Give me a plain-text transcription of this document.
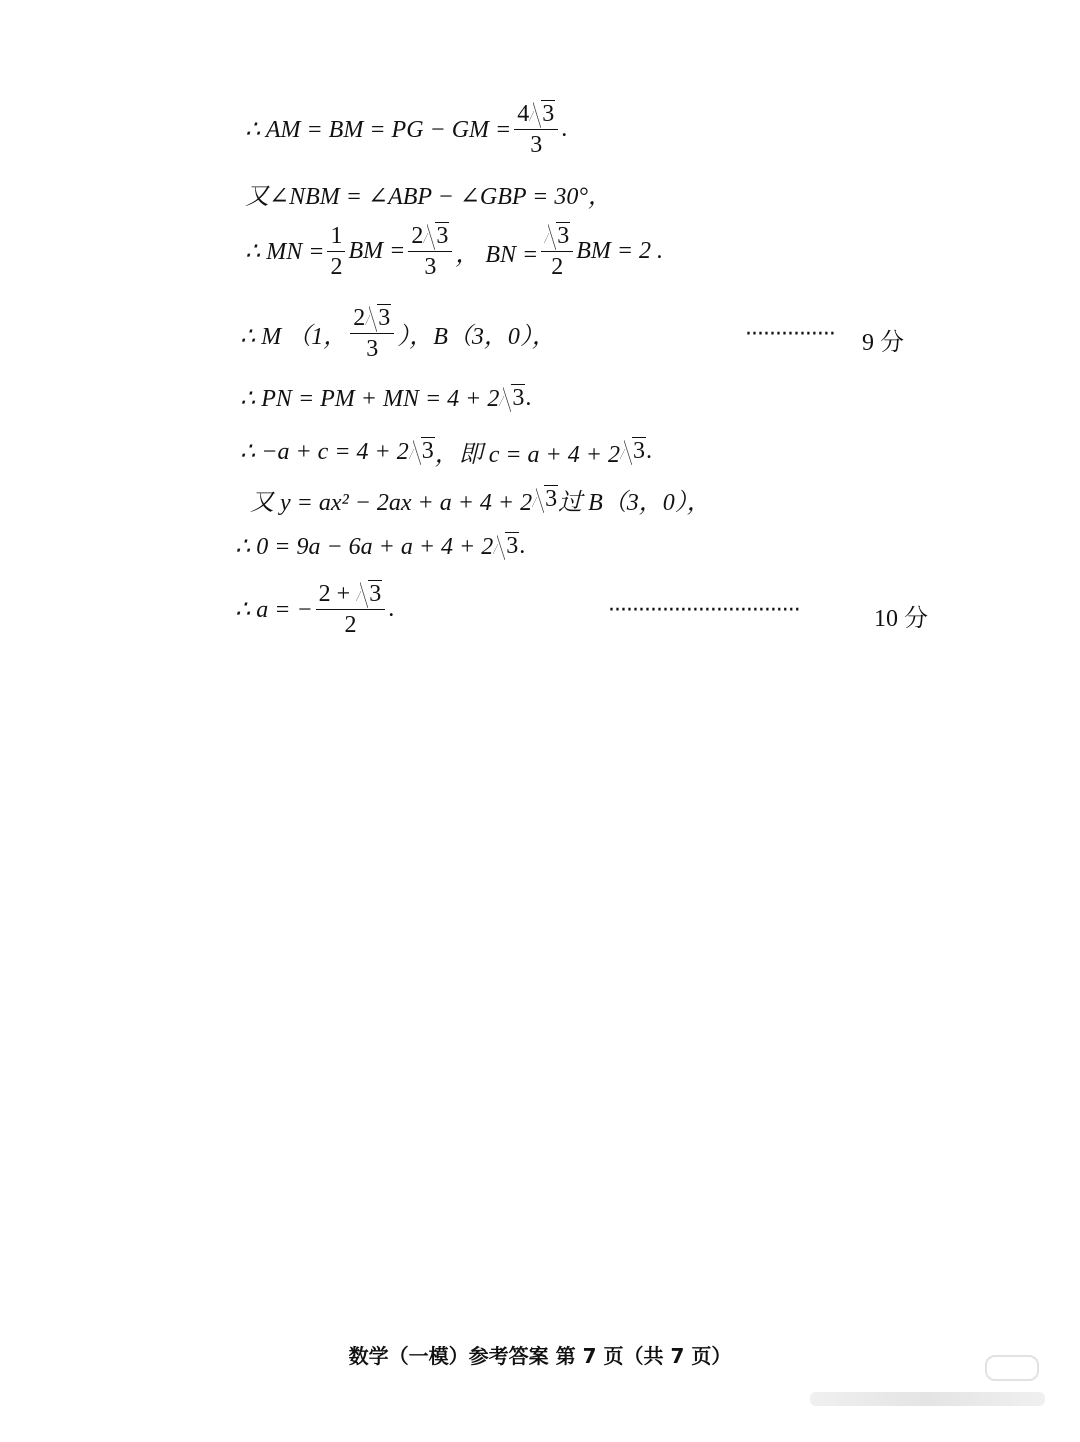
∴ AM = BM = PG − GM = $\frac{4 3}{3}$ .
又∠NBM = ∠ABP − ∠GBP = 30°，
∴ MN = $\frac{1}{2}$ BM = $\frac{2 3}{3}$ ， BN = $\frac{3}{2}$ BM = 2 .
∴ M （1， $\frac{2 3}{3}$ ），B（3，0），	··············· 9 分
∴ PN = PM + MN = 4 + 2 3 .
∴ −a + c = 4 + 2 3 ，即 c = a + 4 + 2 3 .
又 y = ax² − 2ax + a + 4 + 2 3 过 B（3，0），
∴ 0 = 9a − 6a + a + 4 + 2 3 .
∴ a = − $\frac{2 + 3}{2}$ .	································	10 分
数学（一模）参考答案 第 7 页（共 7 页）
